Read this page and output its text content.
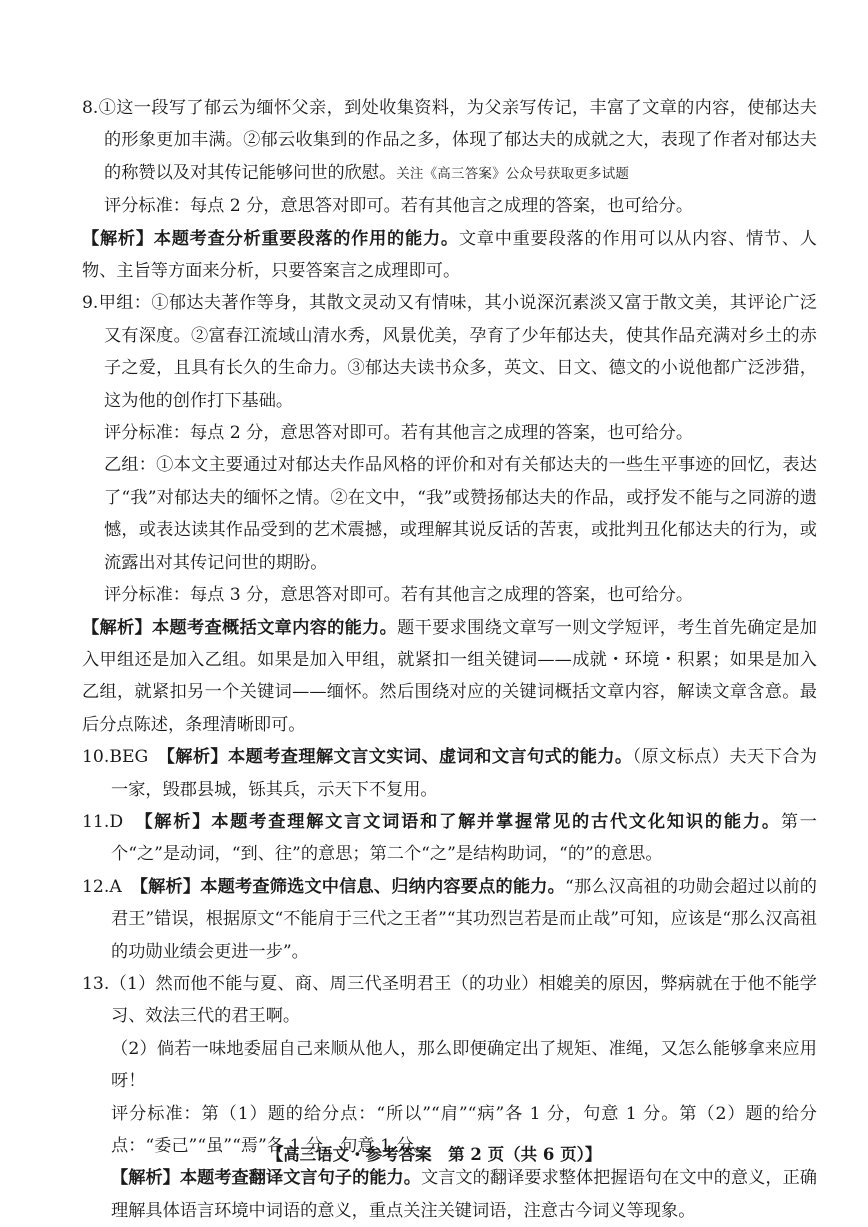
8.①这一段写了郁云为缅怀父亲，到处收集资料，为父亲写传记，丰富了文章的内容，使郁达夫的形象更加丰满。②郁云收集到的作品之多，体现了郁达夫的成就之大，表现了作者对郁达夫的称赞以及对其传记能够问世的欣慰。关注《高三答案》公众号获取更多试题

评分标准：每点 2 分，意思答对即可。若有其他言之成理的答案，也可给分。

【解析】本题考查分析重要段落的作用的能力。文章中重要段落的作用可以从内容、情节、人物、主旨等方面来分析，只要答案言之成理即可。

9.甲组：①郁达夫著作等身，其散文灵动又有情味，其小说深沉素淡又富于散文美，其评论广泛又有深度。②富春江流域山清水秀，风景优美，孕育了少年郁达夫，使其作品充满对乡土的赤子之爱，且具有长久的生命力。③郁达夫读书众多，英文、日文、德文的小说他都广泛涉猎，这为他的创作打下基础。

评分标准：每点 2 分，意思答对即可。若有其他言之成理的答案，也可给分。

乙组：①本文主要通过对郁达夫作品风格的评价和对有关郁达夫的一些生平事迹的回忆，表达了“我”对郁达夫的缅怀之情。②在文中，“我”或赞扬郁达夫的作品，或抒发不能与之同游的遗憾，或表达读其作品受到的艺术震撼，或理解其说反话的苦衷，或批判丑化郁达夫的行为，或流露出对其传记问世的期盼。

评分标准：每点 3 分，意思答对即可。若有其他言之成理的答案，也可给分。

【解析】本题考查概括文章内容的能力。题干要求围绕文章写一则文学短评，考生首先确定是加入甲组还是加入乙组。如果是加入甲组，就紧扣一组关键词——成就・环境・积累；如果是加入乙组，就紧扣另一个关键词——缅怀。然后围绕对应的关键词概括文章内容，解读文章含意。最后分点陈述，条理清晰即可。

10.BEG　 【解析】本题考查理解文言文实词、虚词和文言句式的能力。（原文标点）夫天下合为一家，毁郡县城，铄其兵，示天下不复用。

11.D　 【解析】本题考查理解文言文词语和了解并掌握常见的古代文化知识的能力。第一个“之”是动词，“到、往”的意思；第二个“之”是结构助词，“的”的意思。

12.A　 【解析】本题考查筛选文中信息、归纳内容要点的能力。“那么汉高祖的功勋会超过以前的君王”错误，根据原文“不能肩于三代之王者”“其功烈岂若是而止哉”可知，应该是“那么汉高祖的功勋业绩会更进一步”。

13.（1）然而他不能与夏、商、周三代圣明君王（的功业）相媲美的原因，弊病就在于他不能学习、效法三代的君王啊。

（2）倘若一味地委屈自己来顺从他人，那么即便确定出了规矩、准绳，又怎么能够拿来应用呀！

评分标准：第（1）题的给分点：“所以”“肩”“病”各 1 分，句意 1 分。第（2）题的给分点：“委己”“虽”“焉”各 1 分，句意 1 分。

【解析】本题考查翻译文言句子的能力。文言文的翻译要求整体把握语句在文中的意义，正确理解具体语言环境中词语的意义，重点关注关键词语，注意古今词义等现象。

【高三语文・参考答案　第 2 页（共 6 页）】
